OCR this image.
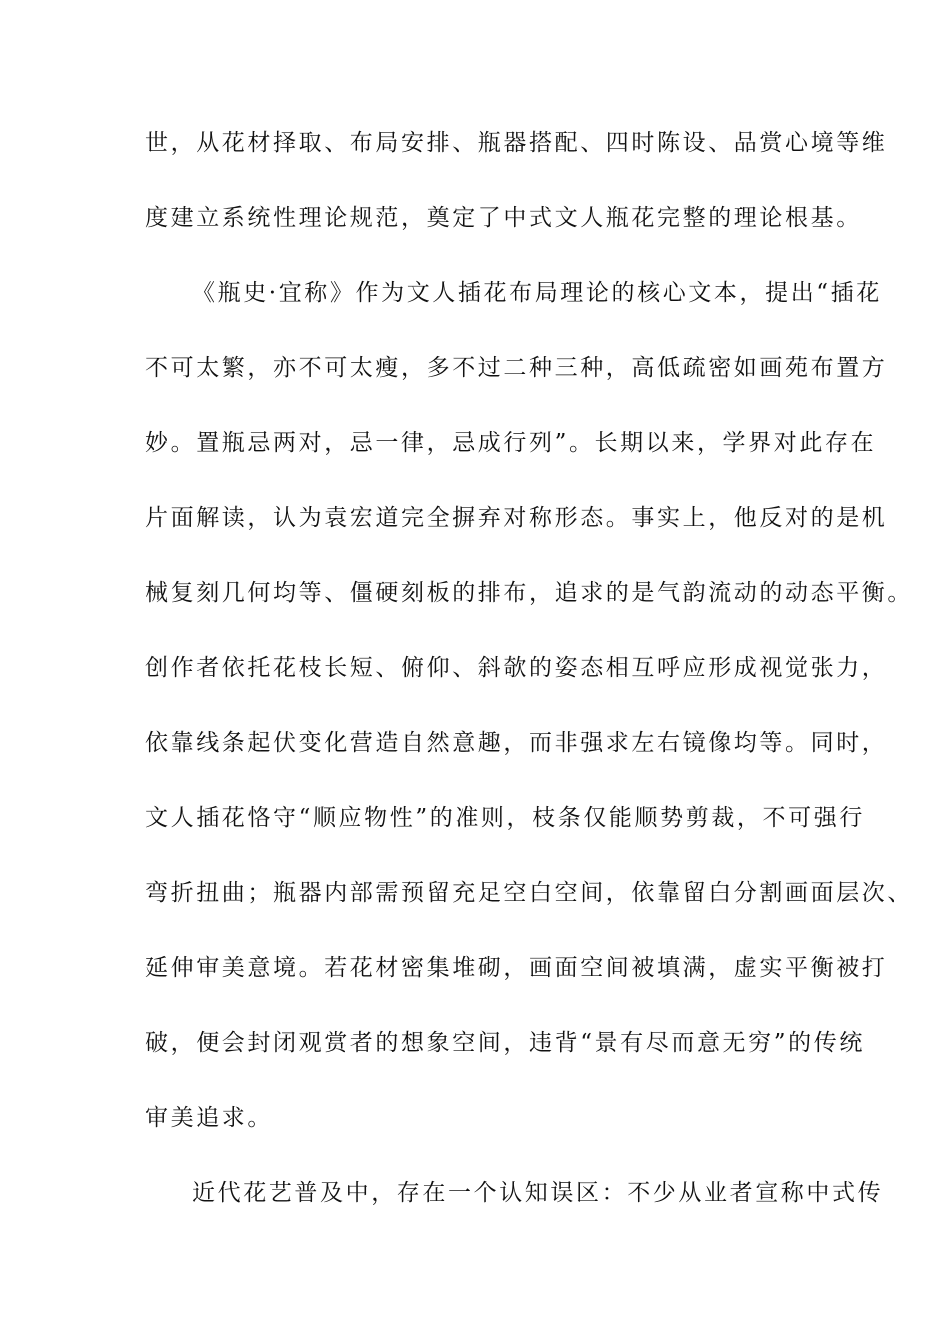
世，从花材择取、布局安排、瓶器搭配、四时陈设、品赏心境等维
度建立系统性理论规范，奠定了中式文人瓶花完整的理论根基。
《瓶史·宜称》作为文人插花布局理论的核心文本，提出“插花
不可太繁，亦不可太瘦，多不过二种三种，高低疏密如画苑布置方
妙。置瓶忌两对，忌一律，忌成行列”。长期以来，学界对此存在
片面解读，认为袁宏道完全摒弃对称形态。事实上，他反对的是机
械复刻几何均等、僵硬刻板的排布，追求的是气韵流动的动态平衡。
创作者依托花枝长短、俯仰、斜欹的姿态相互呼应形成视觉张力，
依靠线条起伏变化营造自然意趣，而非强求左右镜像均等。同时，
文人插花恪守“顺应物性”的准则，枝条仅能顺势剪裁，不可强行
弯折扭曲；瓶器内部需预留充足空白空间，依靠留白分割画面层次、
延伸审美意境。若花材密集堆砌，画面空间被填满，虚实平衡被打
破，便会封闭观赏者的想象空间，违背“景有尽而意无穷”的传统
审美追求。
近代花艺普及中，存在一个认知误区：不少从业者宣称中式传
